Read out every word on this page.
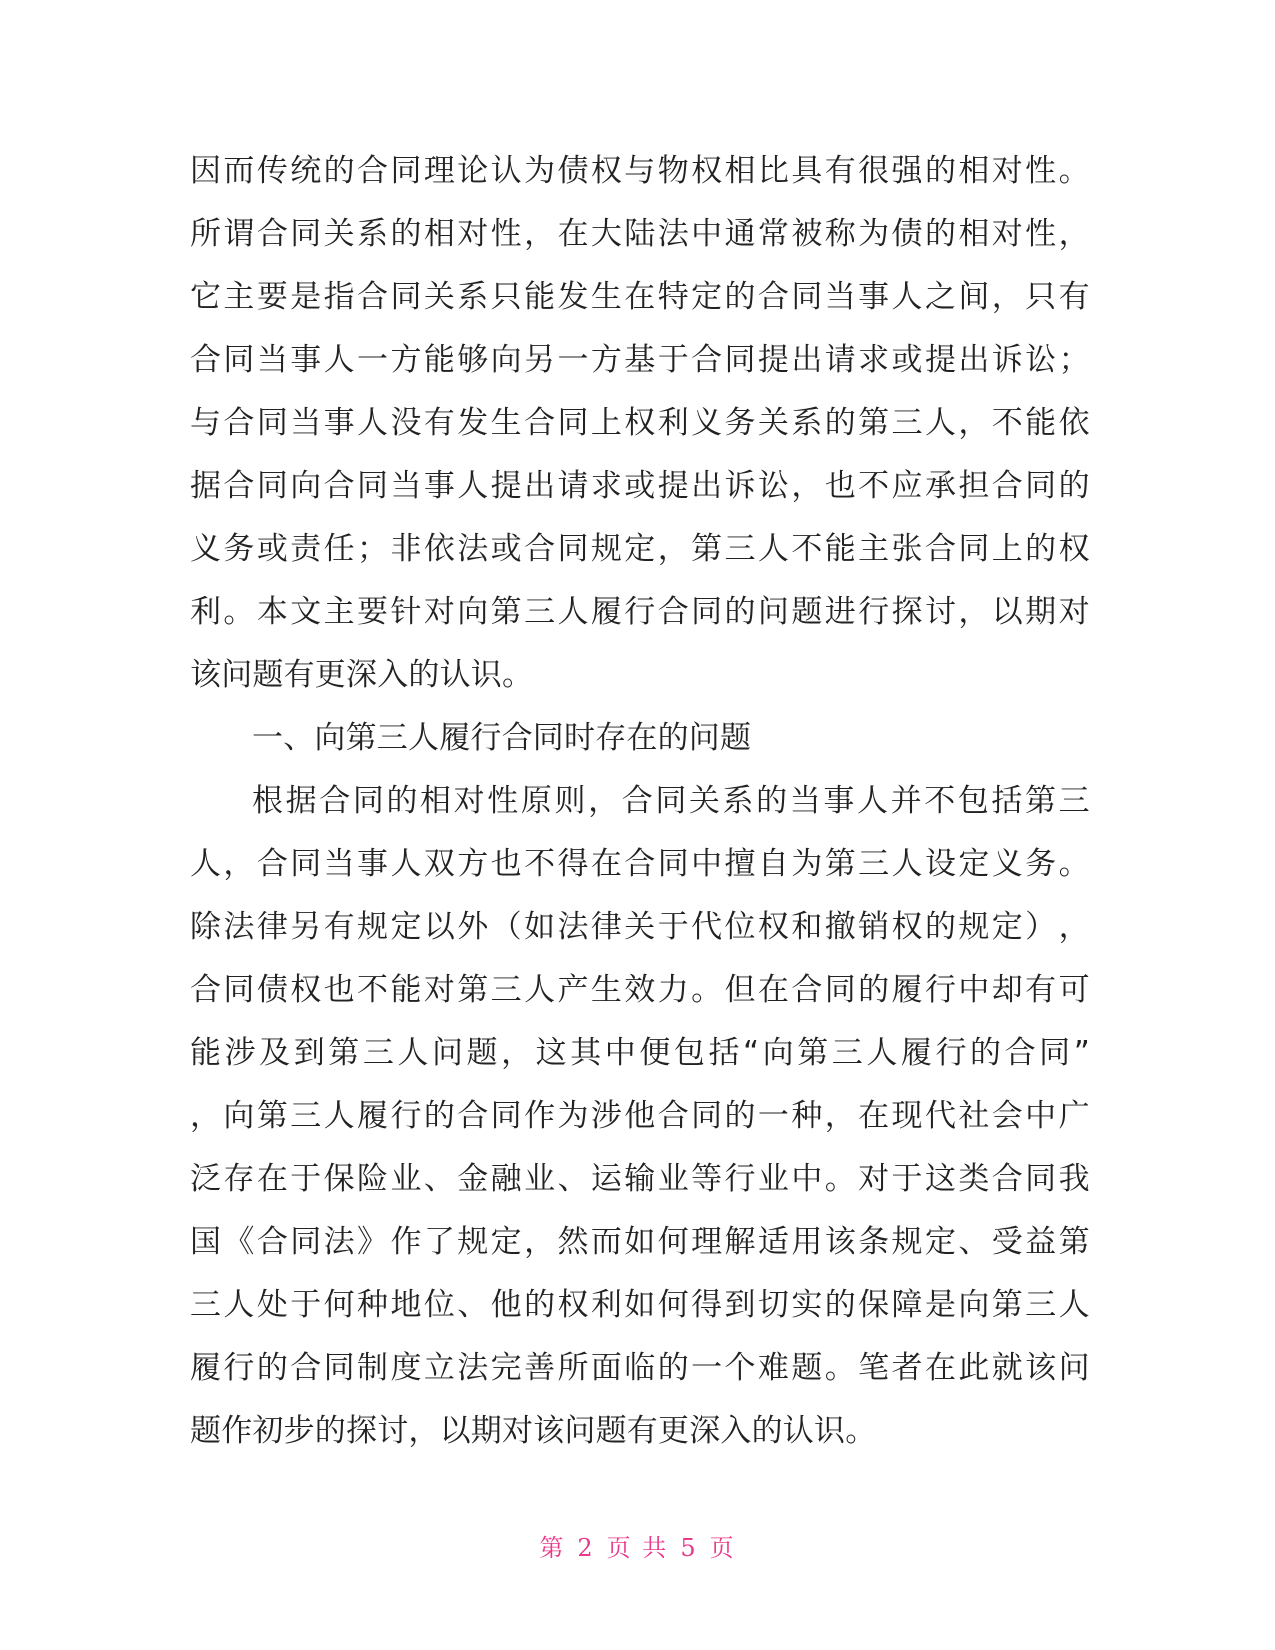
因 而 传 统 的 合 同 理 论 认 为 债 权 与 物 权 相 比 具 有 很 强 的 相 对 性 。
所 谓 合 同 关 系 的 相 对 性 ， 在 大 陆 法 中 通 常 被 称 为 债 的 相 对 性 ，
它 主 要 是 指 合 同 关 系 只 能 发 生 在 特 定 的 合 同 当 事 人 之 间 ， 只 有
合 同 当 事 人 一 方 能 够 向 另 一 方 基 于 合 同 提 出 请 求 或 提 出 诉 讼 ；
与 合 同 当 事 人 没 有 发 生 合 同 上 权 利 义 务 关 系 的 第 三 人 ， 不 能 依
据 合 同 向 合 同 当 事 人 提 出 请 求 或 提 出 诉 讼 ， 也 不 应 承 担 合 同 的
义 务 或 责 任 ； 非 依 法 或 合 同 规 定 ， 第 三 人 不 能 主 张 合 同 上 的 权
利 。 本 文 主 要 针 对 向 第 三 人 履 行 合 同 的 问 题 进 行 探 讨 ， 以 期 对
该问题有更深入的认识。
一、向第三人履行合同时存在的问题
根 据 合 同 的 相 对 性 原 则 ， 合 同 关 系 的 当 事 人 并 不 包 括 第 三
人 ， 合 同 当 事 人 双 方 也 不 得 在 合 同 中 擅 自 为 第 三 人 设 定 义 务 。
除 法 律 另 有 规 定 以 外 （ 如 法 律 关 于 代 位 权 和 撤 销 权 的 规 定 ） ，
合 同 债 权 也 不 能 对 第 三 人 产 生 效 力 。 但 在 合 同 的 履 行 中 却 有 可
能 涉 及 到 第 三 人 问 题 ， 这 其 中 便 包 括 “ 向 第 三 人 履 行 的 合 同 ”
， 向 第 三 人 履 行 的 合 同 作 为 涉 他 合 同 的 一 种 ， 在 现 代 社 会 中 广
泛 存 在 于 保 险 业 、 金 融 业 、 运 输 业 等 行 业 中 。 对 于 这 类 合 同 我
国 《 合 同 法 》 作 了 规 定 ， 然 而 如 何 理 解 适 用 该 条 规 定 、 受 益 第
三 人 处 于 何 种 地 位 、 他 的 权 利 如 何 得 到 切 实 的 保 障 是 向 第 三 人
履 行 的 合 同 制 度 立 法 完 善 所 面 临 的 一 个 难 题 。 笔 者 在 此 就 该 问
题作初步的探讨，以期对该问题有更深入的认识。
第 2 页 共 5 页
